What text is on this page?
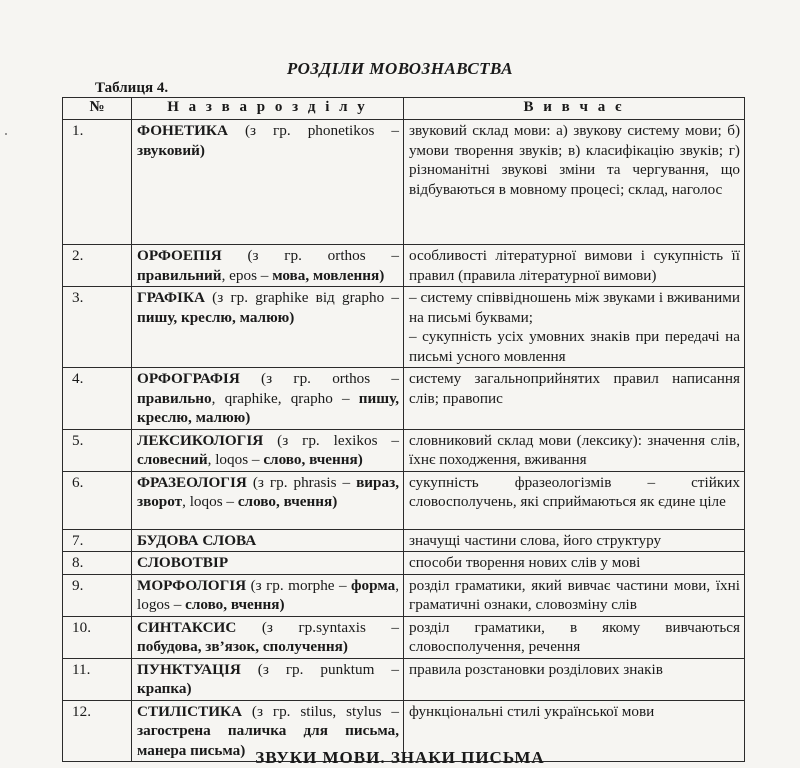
РОЗДІЛИ МОВОЗНАВСТВА
Таблиця 4.
№	Н а з в а р о з д і л у	В и в ч а є
1.	ФОНЕТИКА (з гр. phonetikos – звуковий)	звуковий склад мови: а) звукову систему мови; б) умови творення звуків; в) класифікацію звуків; г) різноманітні звукові зміни та чергування, що відбуваються в мовному процесі; склад, наголос
2.	ОРФОЕПІЯ (з гр. orthos – правильний, epos – мова, мовлення)	особливості літературної вимови і сукупність її правил (правила літературної вимови)
3.	ГРАФІКА (з гр. graphike від grapho – пишу, креслю, малюю)	– систему співвідношень між звуками і вживаними на письмі буквами;
– сукупність усіх умовних знаків при передачі на письмі усного мовлення
4.	ОРФОГРАФІЯ (з гр. orthos – правильно, qraphike, qrapho – пишу, креслю, малюю)	систему загальноприйнятих правил написання слів; правопис
5.	ЛЕКСИКОЛОГІЯ (з гр. lexikos – словесний, loqos – слово, вчення)	словниковий склад мови (лексику): значення слів, їхнє походження, вживання
6.	ФРАЗЕОЛОГІЯ (з гр. phrasis – вираз, зворот, loqos – слово, вчення)	сукупність фразеологізмів – стійких словосполучень, які сприймаються як єдине ціле
7.	БУДОВА СЛОВА	значущі частини слова, його структуру
8.	СЛОВОТВІР	способи творення нових слів у мові
9.	МОРФОЛОГІЯ (з гр. morphe – форма, logos – слово, вчення)	розділ граматики, який вивчає частини мови, їхні граматичні ознаки, словозміну слів
10.	СИНТАКСИС (з гр.syntaxis – побудова, зв’язок, сполучення)	розділ граматики, в якому вивчаються словосполучення, речення
11.	ПУНКТУАЦІЯ (з гр. punktum – крапка)	правила розстановки розділових знаків
12.	СТИЛІСТИКА (з гр. stilus, stylus – загострена паличка для письма, манера письма)	функціональні стилі української мови
ЗВУКИ МОВИ. ЗНАКИ ПИСЬМА
